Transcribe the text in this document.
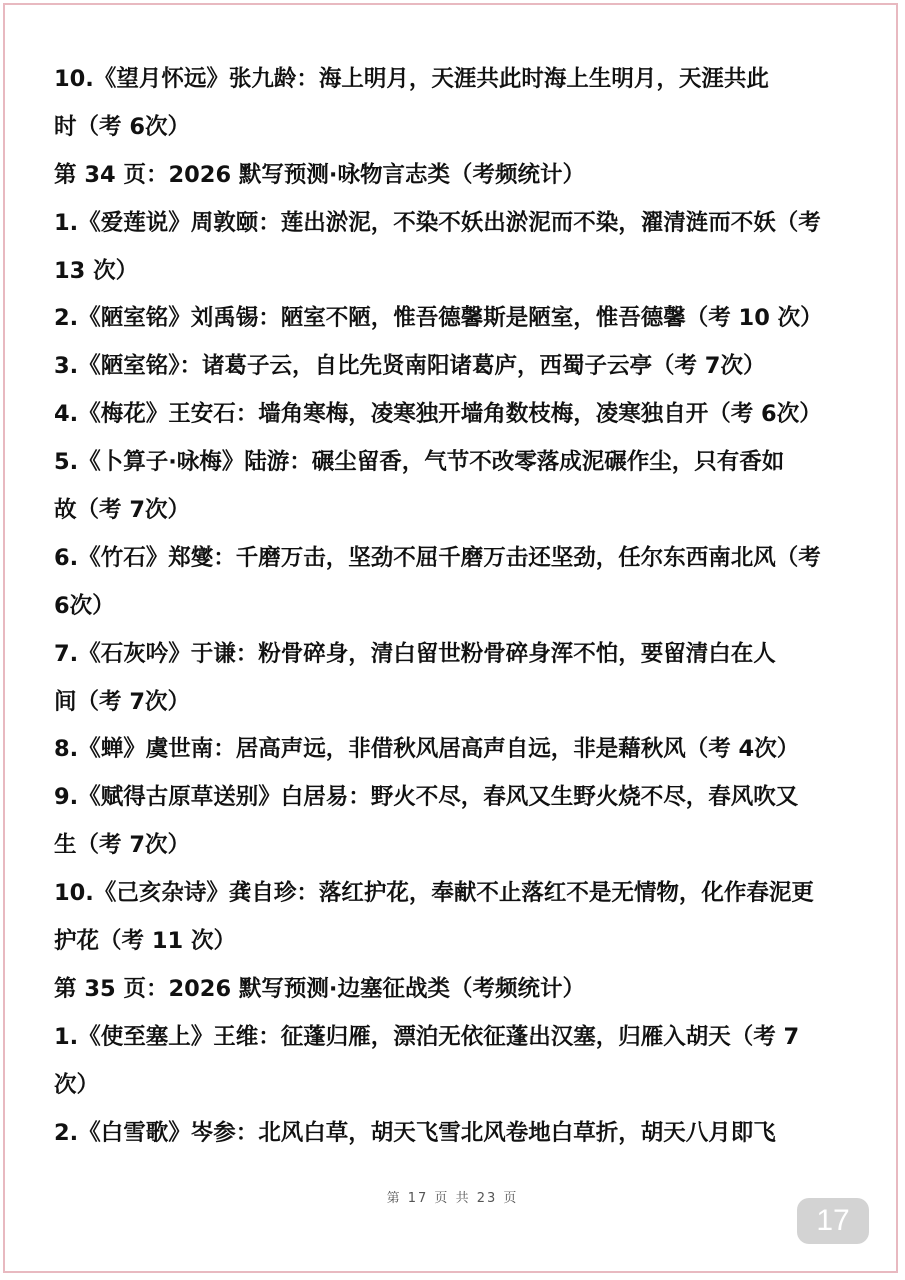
10.《望月怀远》张九龄：海上明月，天涯共此时海上生明月，天涯共此
时（考 6次）
第 34 页：2026 默写预测·咏物言志类（考频统计）
1.《爱莲说》周敦颐：莲出淤泥，不染不妖出淤泥而不染，濯清涟而不妖（考
13 次）
2.《陋室铭》刘禹锡：陋室不陋，惟吾德馨斯是陋室，惟吾德馨（考 10 次）
3.《陋室铭》：诸葛子云，自比先贤南阳诸葛庐，西蜀子云亭（考 7次）
4.《梅花》王安石：墙角寒梅，凌寒独开墙角数枝梅，凌寒独自开（考 6次）
5.《卜算子·咏梅》陆游：碾尘留香，气节不改零落成泥碾作尘，只有香如
故（考 7次）
6.《竹石》郑燮：千磨万击，坚劲不屈千磨万击还坚劲，任尔东西南北风（考
6次）
7.《石灰吟》于谦：粉骨碎身，清白留世粉骨碎身浑不怕，要留清白在人
间（考 7次）
8.《蝉》虞世南：居高声远，非借秋风居高声自远，非是藉秋风（考 4次）
9.《赋得古原草送别》白居易：野火不尽，春风又生野火烧不尽，春风吹又
生（考 7次）
10.《己亥杂诗》龚自珍：落红护花，奉献不止落红不是无情物，化作春泥更
护花（考 11 次）
第 35 页：2026 默写预测·边塞征战类（考频统计）
1.《使至塞上》王维：征蓬归雁，漂泊无依征蓬出汉塞，归雁入胡天（考 7
次）
2.《白雪歌》岑参：北风白草，胡天飞雪北风卷地白草折，胡天八月即飞
第 17 页 共 23 页
17
